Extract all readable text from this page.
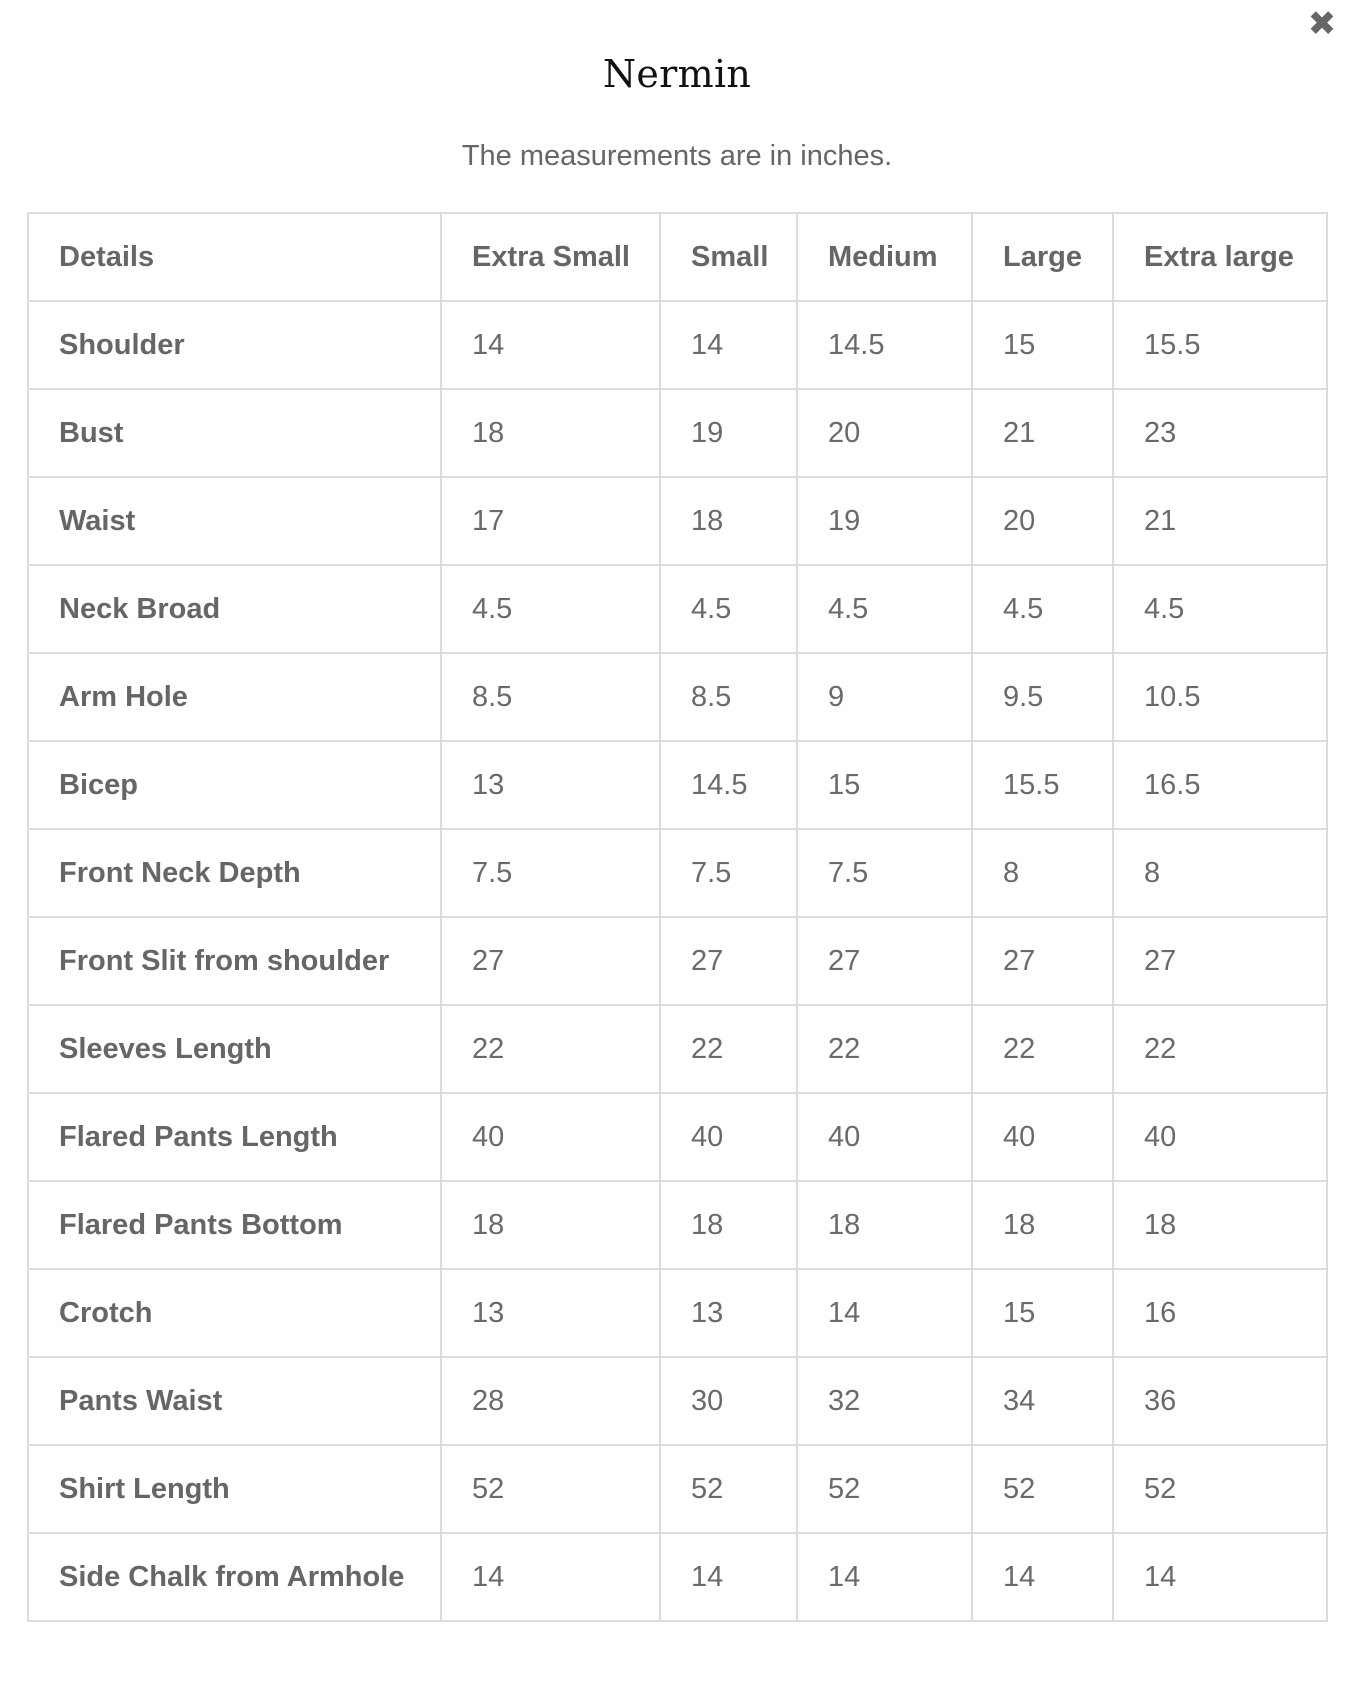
✖
Nermin

The measurements are in inches.

Details	Extra Small	Small	Medium	Large	Extra large
Shoulder	14	14	14.5	15	15.5
Bust	18	19	20	21	23
Waist	17	18	19	20	21
Neck Broad	4.5	4.5	4.5	4.5	4.5
Arm Hole	8.5	8.5	9	9.5	10.5
Bicep	13	14.5	15	15.5	16.5
Front Neck Depth	7.5	7.5	7.5	8	8
Front Slit from shoulder	27	27	27	27	27
Sleeves Length	22	22	22	22	22
Flared Pants Length	40	40	40	40	40
Flared Pants Bottom	18	18	18	18	18
Crotch	13	13	14	15	16
Pants Waist	28	30	32	34	36
Shirt Length	52	52	52	52	52
Side Chalk from Armhole	14	14	14	14	14
